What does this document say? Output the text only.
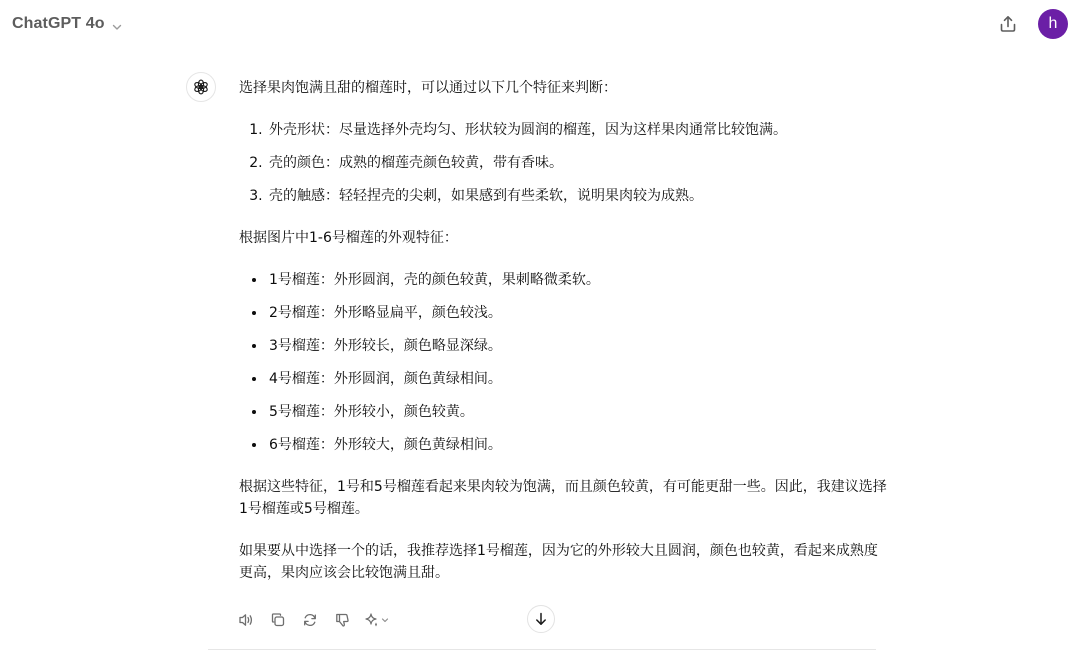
ChatGPT 4o	h

选择果肉饱满且甜的榴莲时，可以通过以下几个特征来判断：

1. 外壳形状：尽量选择外壳均匀、形状较为圆润的榴莲，因为这样果肉通常比较饱满。
2. 壳的颜色：成熟的榴莲壳颜色较黄，带有香味。
3. 壳的触感：轻轻捏壳的尖刺，如果感到有些柔软，说明果肉较为成熟。

根据图片中1-6号榴莲的外观特征：

• 1号榴莲：外形圆润，壳的颜色较黄，果刺略微柔软。
• 2号榴莲：外形略显扁平，颜色较浅。
• 3号榴莲：外形较长，颜色略显深绿。
• 4号榴莲：外形圆润，颜色黄绿相间。
• 5号榴莲：外形较小，颜色较黄。
• 6号榴莲：外形较大，颜色黄绿相间。

根据这些特征，1号和5号榴莲看起来果肉较为饱满，而且颜色较黄，有可能更甜一些。因此，我建议选择1号榴莲或5号榴莲。

如果要从中选择一个的话，我推荐选择1号榴莲，因为它的外形较大且圆润，颜色也较黄，看起来成熟度更高，果肉应该会比较饱满且甜。
